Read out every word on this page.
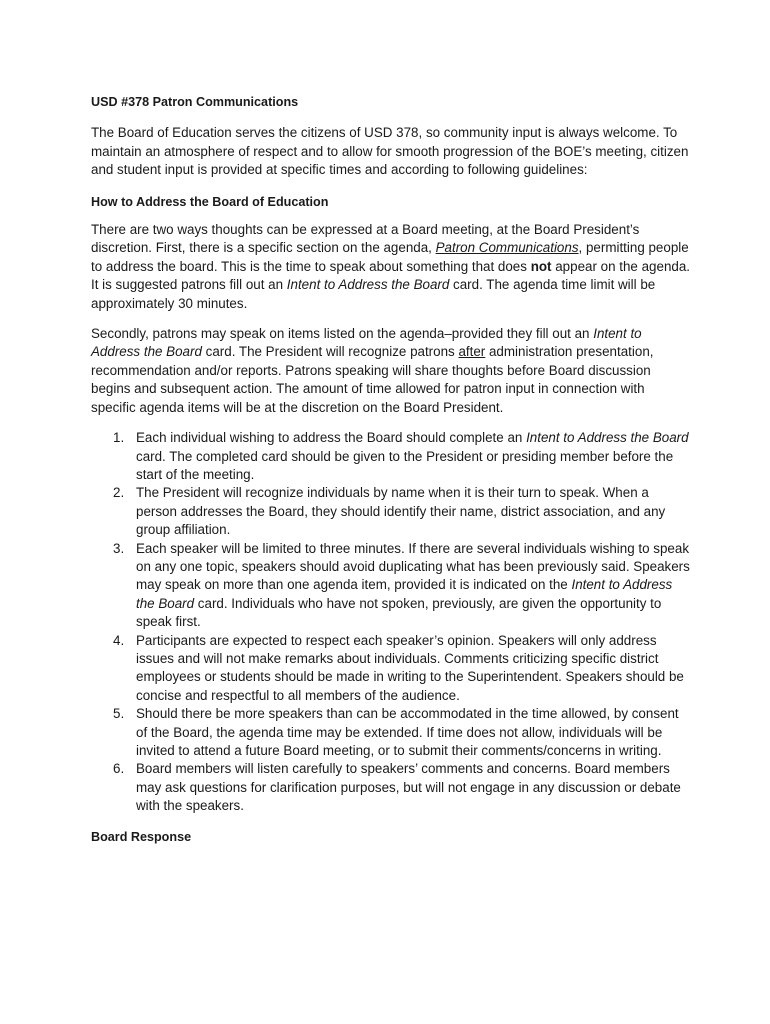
USD #378 Patron Communications

The Board of Education serves the citizens of USD 378, so community input is always welcome. To maintain an atmosphere of respect and to allow for smooth progression of the BOE’s meeting, citizen and student input is provided at specific times and according to following guidelines:

How to Address the Board of Education

There are two ways thoughts can be expressed at a Board meeting, at the Board President’s discretion. First, there is a specific section on the agenda, Patron Communications, permitting people to address the board. This is the time to speak about something that does not appear on the agenda. It is suggested patrons fill out an Intent to Address the Board card. The agenda time limit will be approximately 30 minutes.

Secondly, patrons may speak on items listed on the agenda–provided they fill out an Intent to Address the Board card. The President will recognize patrons after administration presentation, recommendation and/or reports. Patrons speaking will share thoughts before Board discussion begins and subsequent action. The amount of time allowed for patron input in connection with specific agenda items will be at the discretion on the Board President.

1. Each individual wishing to address the Board should complete an Intent to Address the Board card. The completed card should be given to the President or presiding member before the start of the meeting.
2. The President will recognize individuals by name when it is their turn to speak. When a person addresses the Board, they should identify their name, district association, and any group affiliation.
3. Each speaker will be limited to three minutes. If there are several individuals wishing to speak on any one topic, speakers should avoid duplicating what has been previously said. Speakers may speak on more than one agenda item, provided it is indicated on the Intent to Address the Board card. Individuals who have not spoken, previously, are given the opportunity to speak first.
4. Participants are expected to respect each speaker’s opinion. Speakers will only address issues and will not make remarks about individuals. Comments criticizing specific district employees or students should be made in writing to the Superintendent. Speakers should be concise and respectful to all members of the audience.
5. Should there be more speakers than can be accommodated in the time allowed, by consent of the Board, the agenda time may be extended. If time does not allow, individuals will be invited to attend a future Board meeting, or to submit their comments/concerns in writing.
6. Board members will listen carefully to speakers’ comments and concerns. Board members may ask questions for clarification purposes, but will not engage in any discussion or debate with the speakers.
Board Response
